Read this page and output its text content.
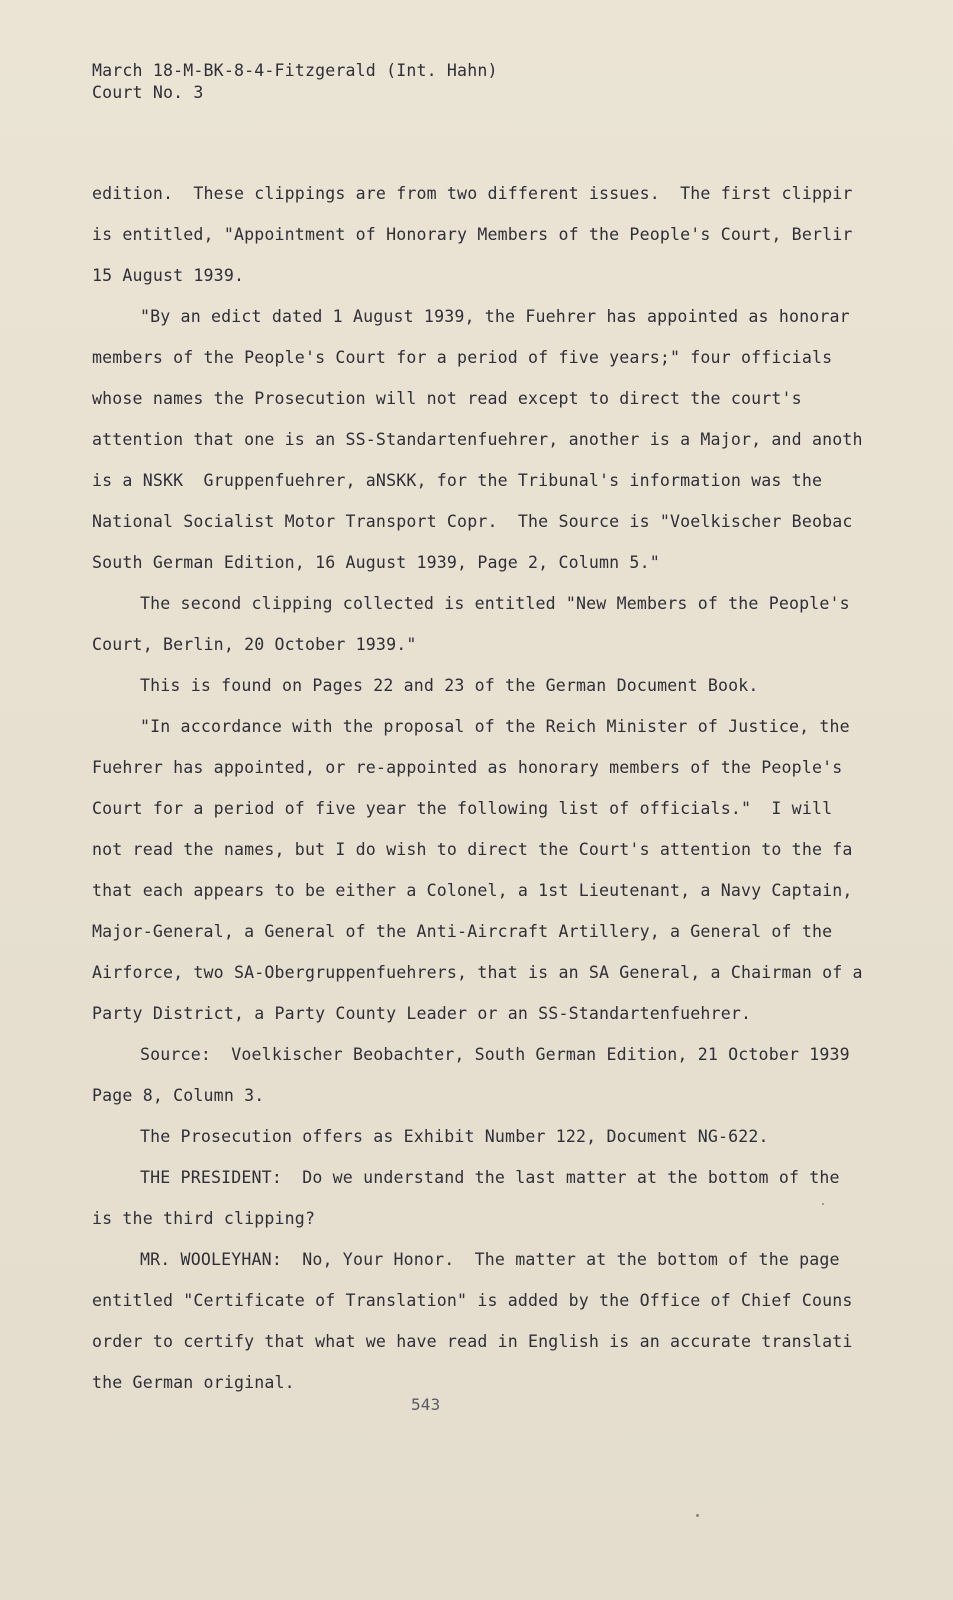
March 18-M-BK-8-4-Fitzgerald (Int. Hahn)
Court No. 3
edition.  These clippings are from two different issues.  The first clippir
is entitled, "Appointment of Honorary Members of the People's Court, Berlir
15 August 1939.
"By an edict dated 1 August 1939, the Fuehrer has appointed as honorar
members of the People's Court for a period of five years;" four officials
whose names the Prosecution will not read except to direct the court's
attention that one is an SS-Standartenfuehrer, another is a Major, and anoth
is a NSKK  Gruppenfuehrer, aNSKK, for the Tribunal's information was the
National Socialist Motor Transport Copr.  The Source is "Voelkischer Beobac
South German Edition, 16 August 1939, Page 2, Column 5."
The second clipping collected is entitled "New Members of the People's
Court, Berlin, 20 October 1939."
This is found on Pages 22 and 23 of the German Document Book.
"In accordance with the proposal of the Reich Minister of Justice, the
Fuehrer has appointed, or re-appointed as honorary members of the People's
Court for a period of five year the following list of officials."  I will
not read the names, but I do wish to direct the Court's attention to the fa
that each appears to be either a Colonel, a 1st Lieutenant, a Navy Captain,
Major-General, a General of the Anti-Aircraft Artillery, a General of the
Airforce, two SA-Obergruppenfuehrers, that is an SA General, a Chairman of a
Party District, a Party County Leader or an SS-Standartenfuehrer.
Source:  Voelkischer Beobachter, South German Edition, 21 October 1939
Page 8, Column 3.
The Prosecution offers as Exhibit Number 122, Document NG-622.
THE PRESIDENT:  Do we understand the last matter at the bottom of the
is the third clipping?
MR. WOOLEYHAN:  No, Your Honor.  The matter at the bottom of the page
entitled "Certificate of Translation" is added by the Office of Chief Couns
order to certify that what we have read in English is an accurate translati
the German original.
543
